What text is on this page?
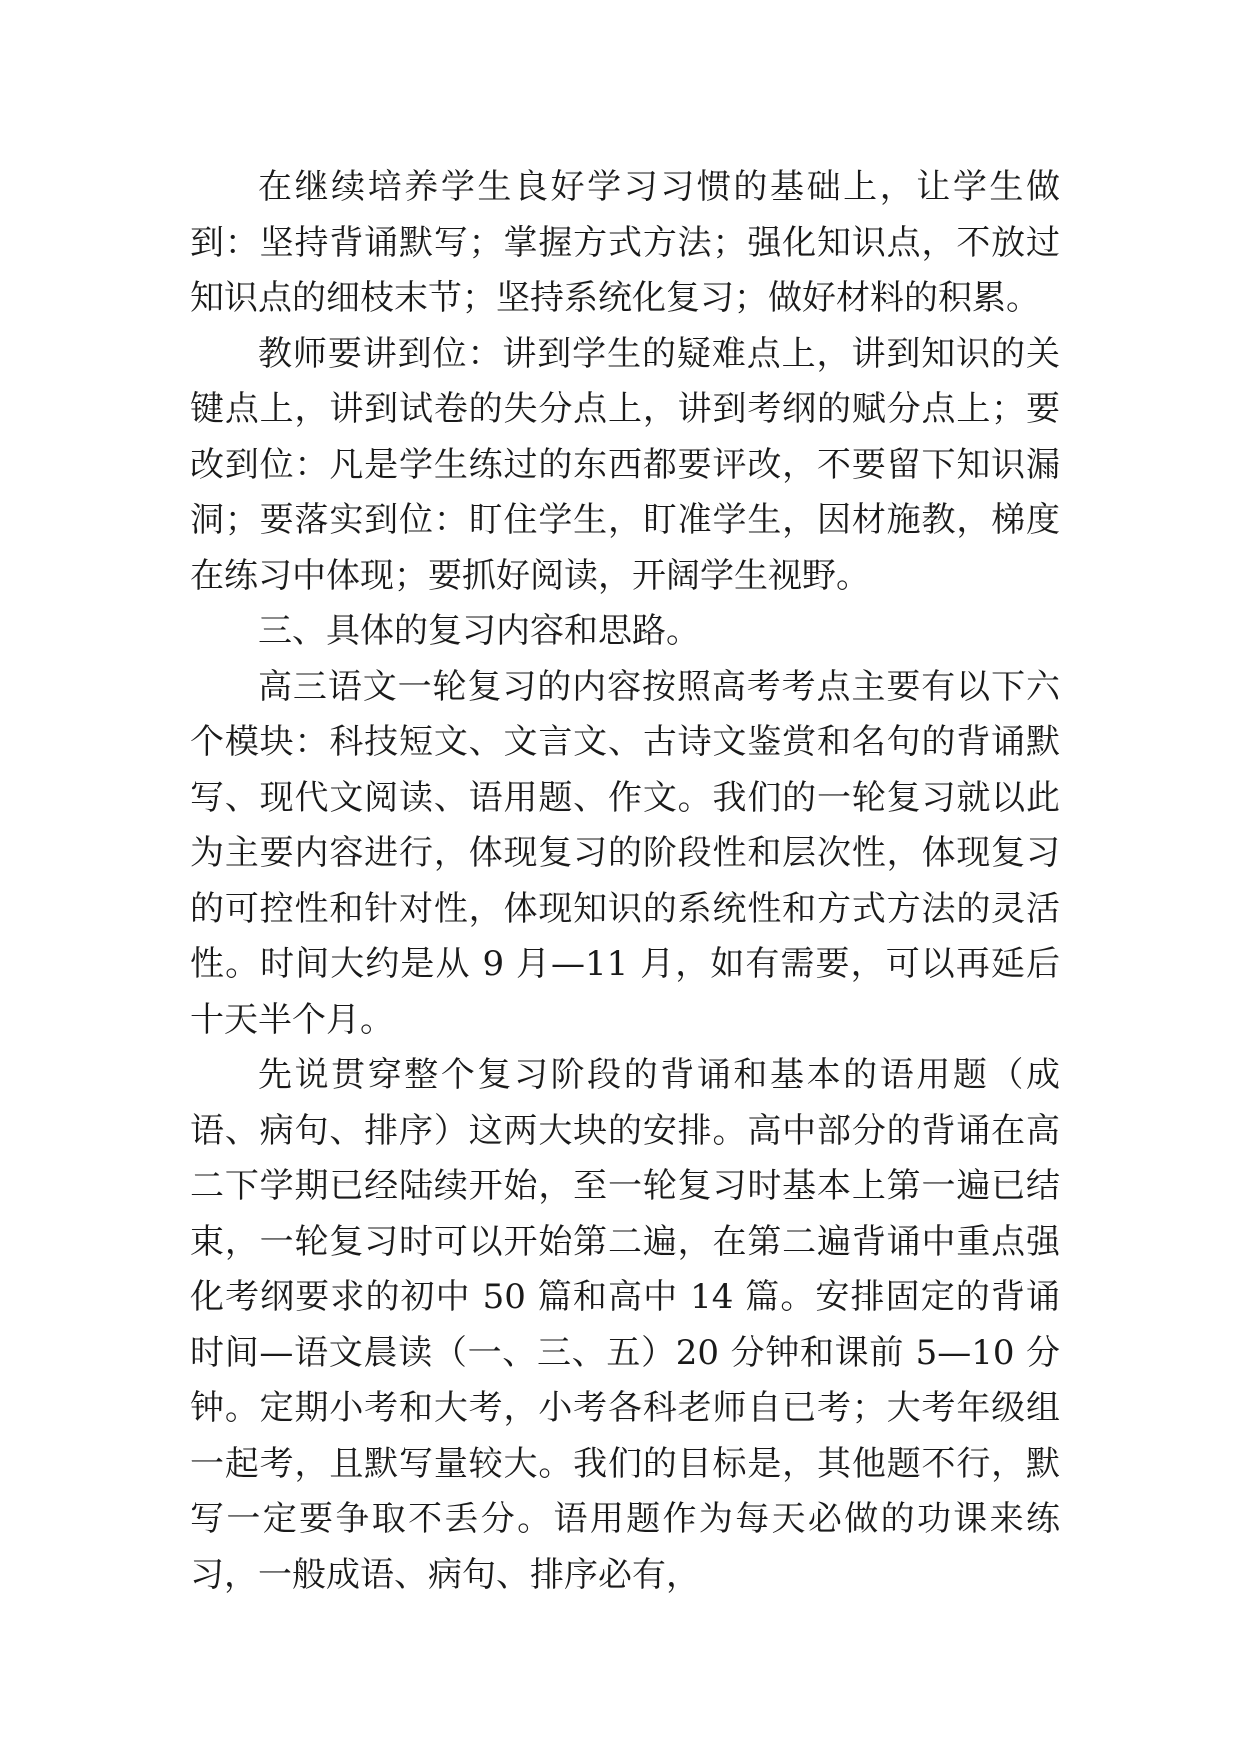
在继续培养学生良好学习习惯的基础上，让学生做到：坚持背诵默写；掌握方式方法；强化知识点，不放过知识点的细枝末节；坚持系统化复习；做好材料的积累。

教师要讲到位：讲到学生的疑难点上，讲到知识的关键点上，讲到试卷的失分点上，讲到考纲的赋分点上；要改到位：凡是学生练过的东西都要评改，不要留下知识漏洞；要落实到位：盯住学生，盯准学生，因材施教，梯度在练习中体现；要抓好阅读，开阔学生视野。

三、具体的复习内容和思路。

高三语文一轮复习的内容按照高考考点主要有以下六个模块：科技短文、文言文、古诗文鉴赏和名句的背诵默写、现代文阅读、语用题、作文。我们的一轮复习就以此为主要内容进行，体现复习的阶段性和层次性，体现复习的可控性和针对性，体现知识的系统性和方式方法的灵活性。时间大约是从 9 月—11 月，如有需要，可以再延后十天半个月。

先说贯穿整个复习阶段的背诵和基本的语用题（成语、病句、排序）这两大块的安排。高中部分的背诵在高二下学期已经陆续开始，至一轮复习时基本上第一遍已结束，一轮复习时可以开始第二遍，在第二遍背诵中重点强化考纲要求的初中 50 篇和高中 14 篇。安排固定的背诵时间—语文晨读（一、三、五）20 分钟和课前 5—10 分钟。定期小考和大考，小考各科老师自已考；大考年级组一起考，且默写量较大。我们的目标是，其他题不行，默写一定要争取不丢分。语用题作为每天必做的功课来练习，一般成语、病句、排序必有，
